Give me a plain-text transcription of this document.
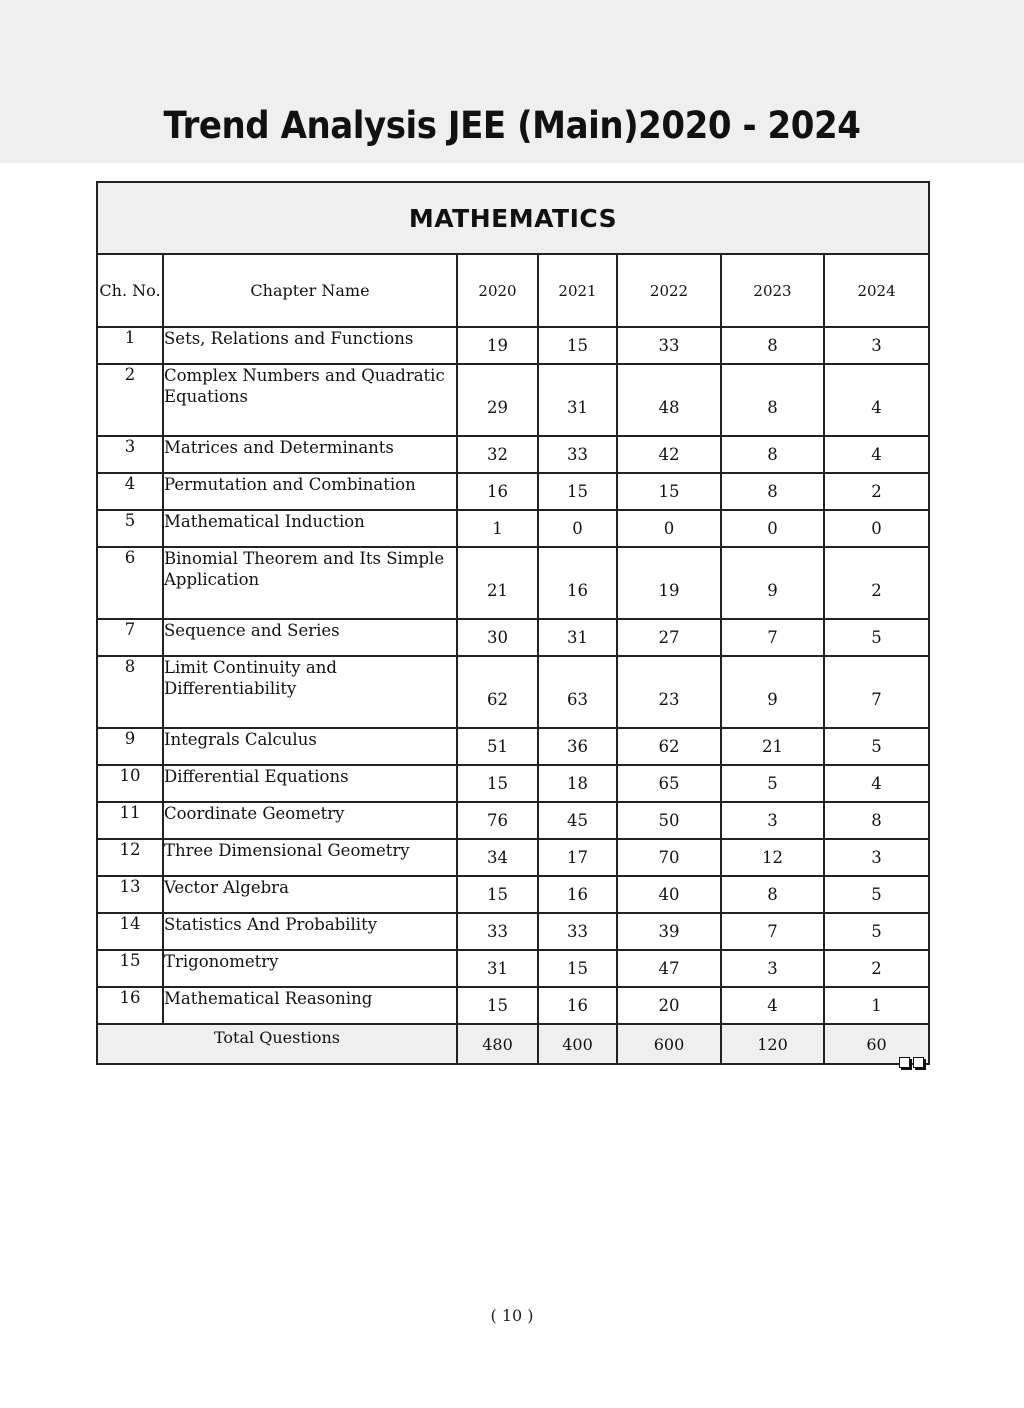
Trend Analysis JEE (Main)2020 - 2024
MATHEMATICS						
Ch. No.	Chapter Name	2020	2021	2022	2023	2024
1	Sets, Relations and Functions	19	15	33	8	3
2	Complex Numbers and Quadratic Equations	29	31	48	8	4
3	Matrices and Determinants	32	33	42	8	4
4	Permutation and Combination	16	15	15	8	2
5	Mathematical Induction	1	0	0	0	0
6	Binomial Theorem and Its Simple Application	21	16	19	9	2
7	Sequence and Series	30	31	27	7	5
8	Limit Continuity and Differentiability	62	63	23	9	7
9	Integrals Calculus	51	36	62	21	5
10	Differential Equations	15	18	65	5	4
11	Coordinate Geometry	76	45	50	3	8
12	Three Dimensional Geometry	34	17	70	12	3
13	Vector Algebra	15	16	40	8	5
14	Statistics And Probability	33	33	39	7	5
15	Trigonometry	31	15	47	3	2
16	Mathematical Reasoning	15	16	20	4	1
Total Questions		480	400	600	120	60
( 10 )
